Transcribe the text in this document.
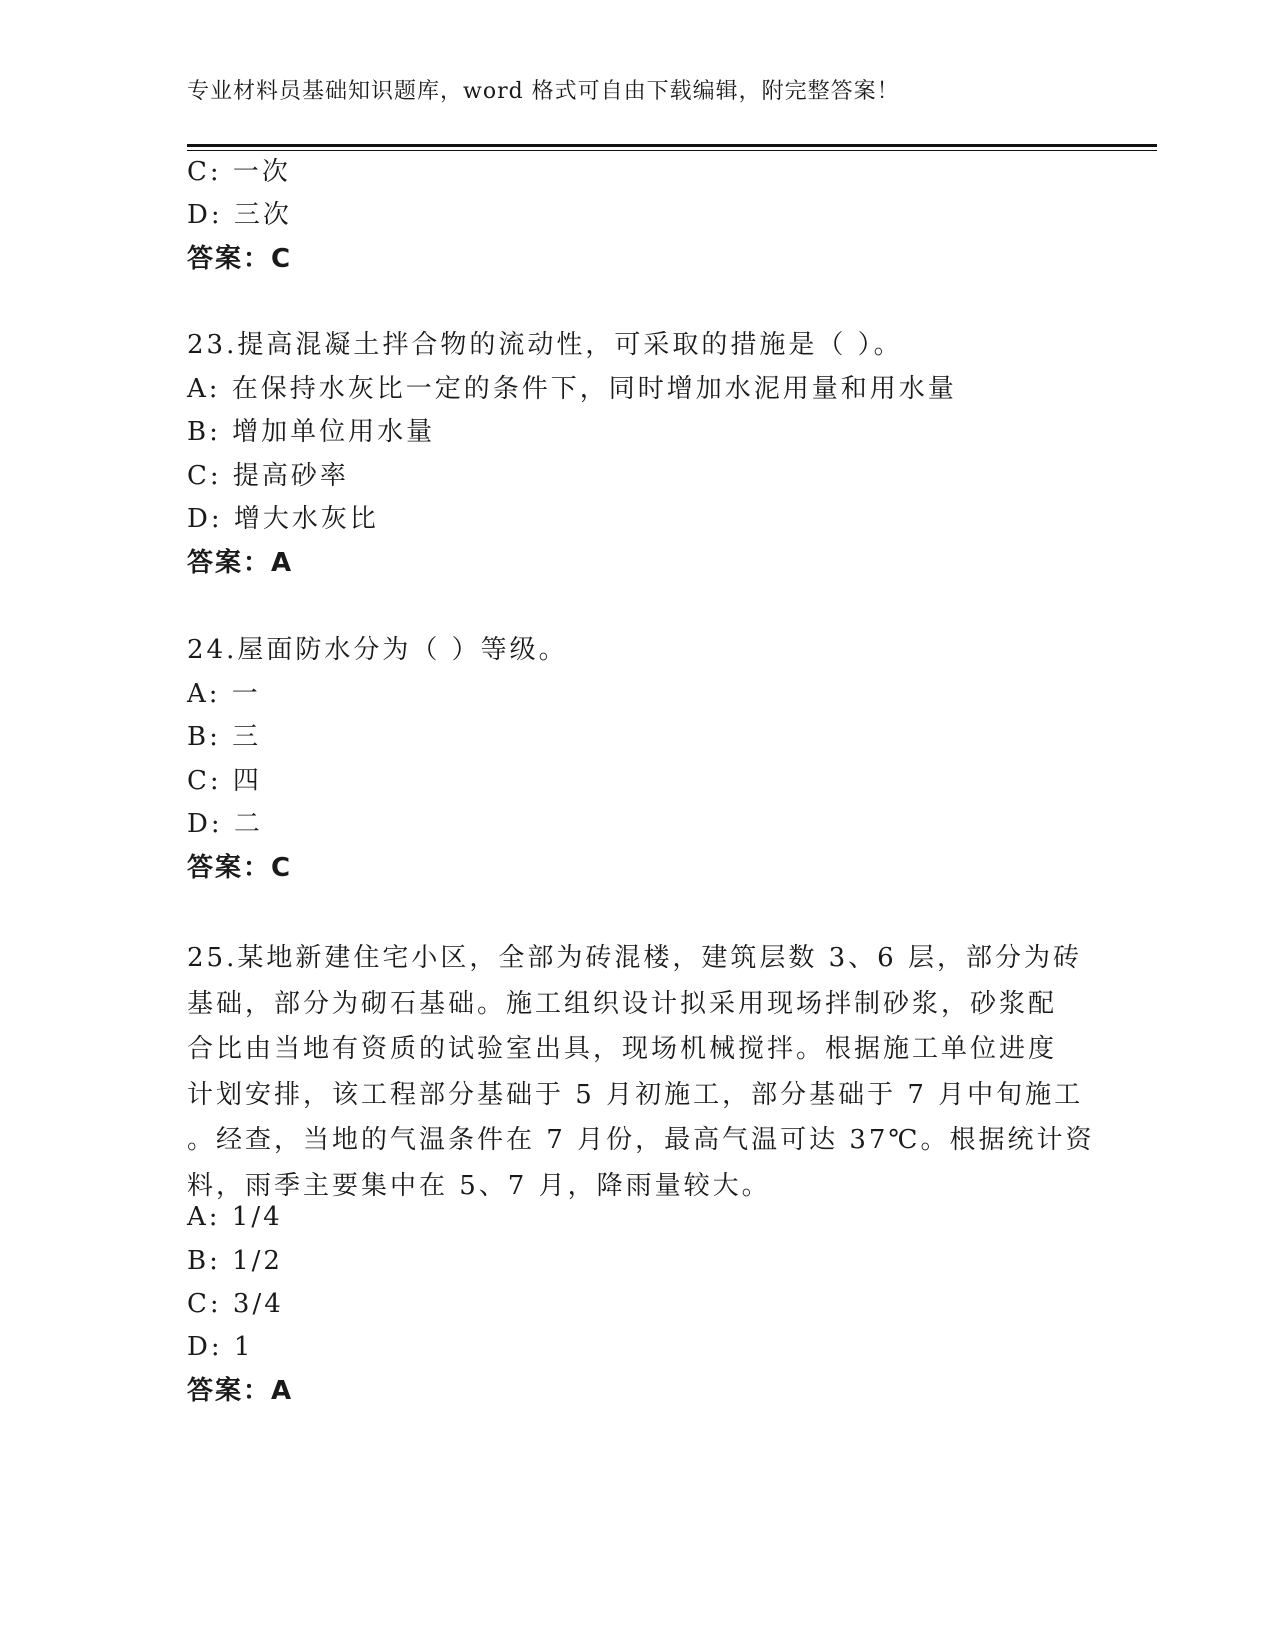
专业材料员基础知识题库，word 格式可自由下载编辑，附完整答案！
C: 一次
D: 三次
答案：C
23.提高混凝土拌合物的流动性，可采取的措施是（ ）。
A: 在保持水灰比一定的条件下，同时增加水泥用量和用水量
B: 增加单位用水量
C: 提高砂率
D: 增大水灰比
答案：A
24.屋面防水分为（ ）等级。
A: 一
B: 三
C: 四
D: 二
答案：C
25.某地新建住宅小区，全部为砖混楼，建筑层数 3、6 层，部分为砖
基础，部分为砌石基础。施工组织设计拟采用现场拌制砂浆，砂浆配
合比由当地有资质的试验室出具，现场机械搅拌。根据施工单位进度
计划安排，该工程部分基础于 5 月初施工，部分基础于 7 月中旬施工
。经查，当地的气温条件在 7 月份，最高气温可达 37℃。根据统计资
料，雨季主要集中在 5、7 月，降雨量较大。
A: 1/4
B: 1/2
C: 3/4
D: 1
答案：A
